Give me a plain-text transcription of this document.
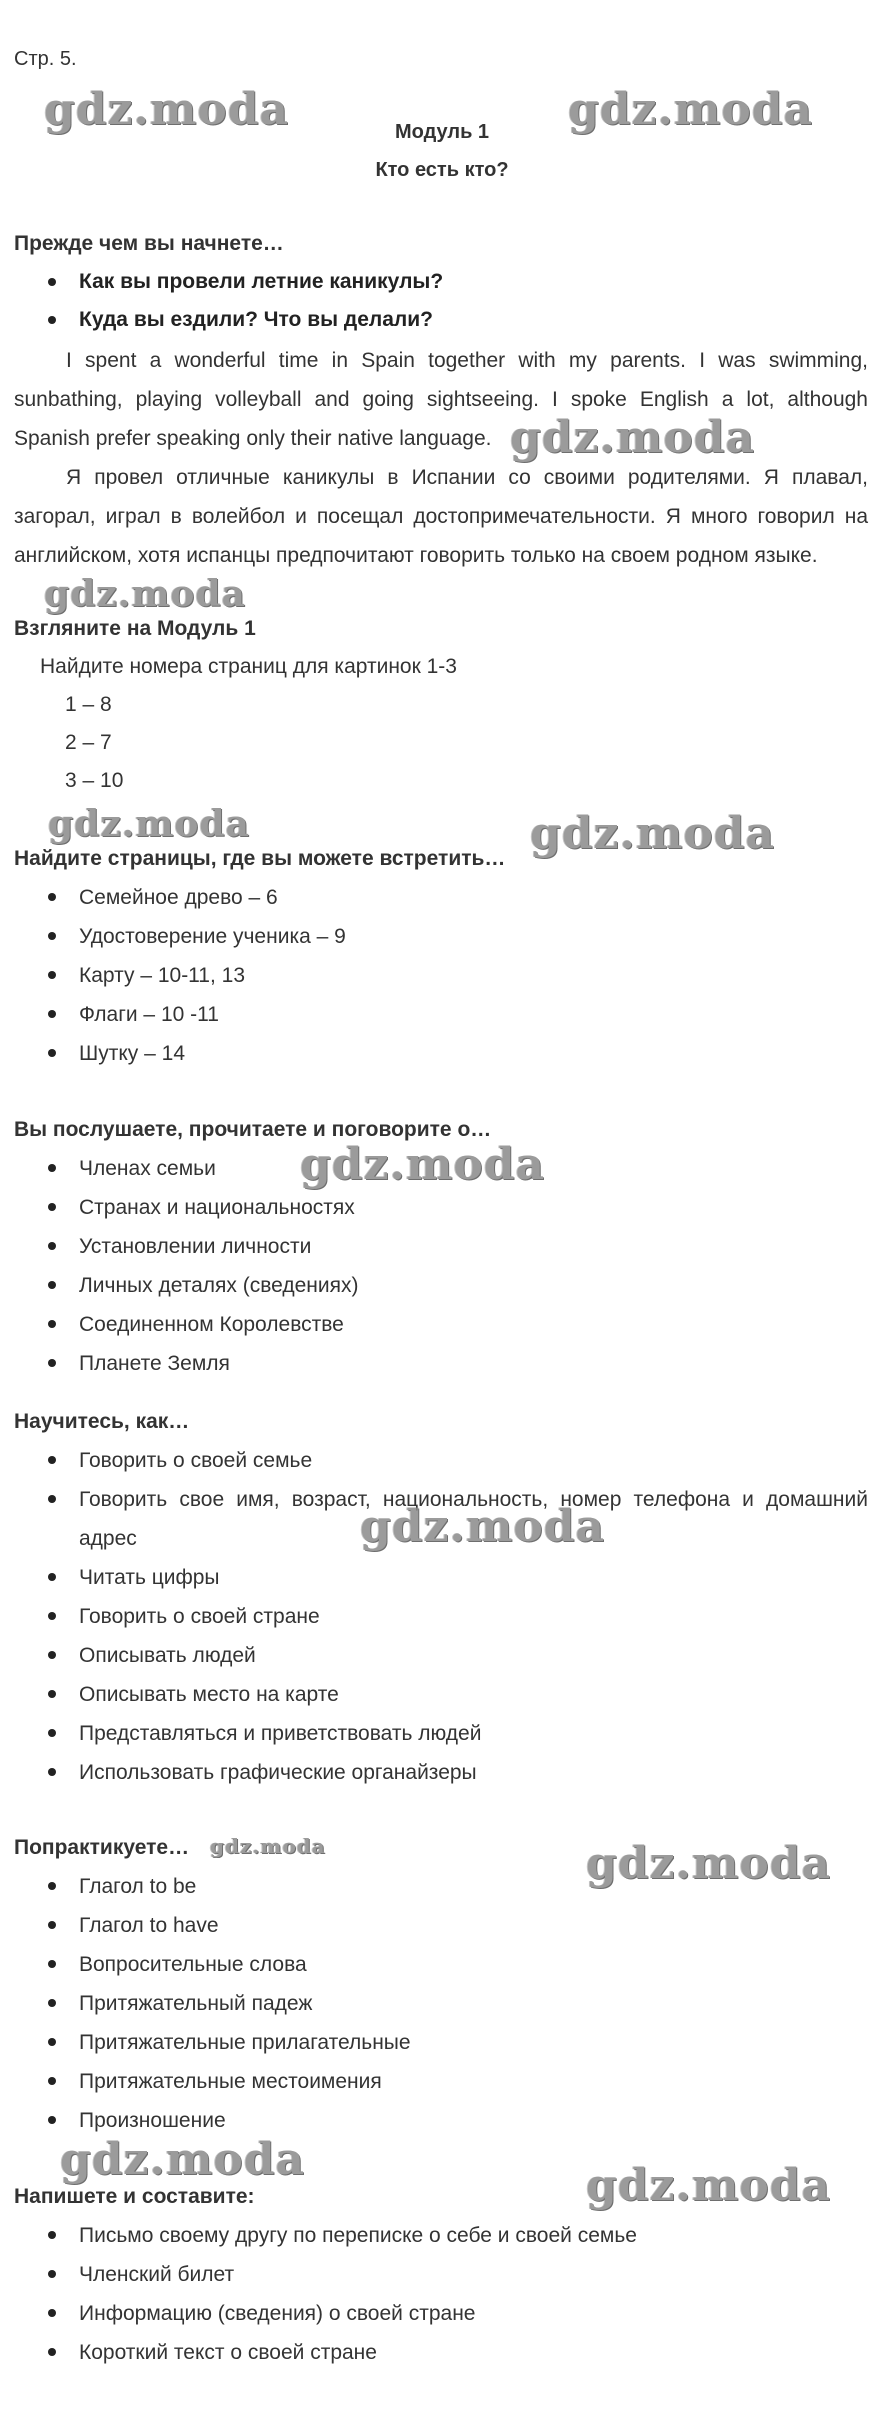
Стр. 5.
Модуль 1
Кто есть кто?
Прежде чем вы начнете…
Как вы провели летние каникулы?
Куда вы ездили? Что вы делали?
I spent a wonderful time in Spain together with my parents. I was swimming, sunbathing, playing volleyball and going sightseeing. I spoke English a lot, although Spanish prefer speaking only their native language.
Я провел отличные каникулы в Испании со своими родителями. Я плавал, загорал, играл в волейбол и посещал достопримечательности. Я много говорил на английском, хотя испанцы предпочитают говорить только на своем родном языке.
Взгляните на Модуль 1
Найдите номера страниц для картинок 1-3
1 – 8
2 – 7
3 – 10
Найдите страницы, где вы можете встретить…
Семейное древо – 6
Удостоверение ученика – 9
Карту – 10-11, 13
Флаги – 10 -11
Шутку – 14
Вы послушаете, прочитаете и поговорите о…
Членах семьи
Странах и национальностях
Установлении личности
Личных деталях (сведениях)
Соединенном Королевстве
Планете Земля
Научитесь, как…
Говорить о своей семье
Говорить свое имя, возраст, национальность, номер телефона и домашний адрес
Читать цифры
Говорить о своей стране
Описывать людей
Описывать место на карте
Представляться и приветствовать людей
Использовать графические органайзеры
Попрактикуете…
Глагол to be
Глагол to have
Вопросительные слова
Притяжательный падеж
Притяжательные прилагательные
Притяжательные местоимения
Произношение
Напишете и составите:
Письмо своему другу по переписке о себе и своей семье
Членский билет
Информацию (сведения) о своей стране
Короткий текст о своей стране
gdz.moda	gdz.moda
gdz.moda
gdz.moda
gdz.moda	gdz.moda
gdz.moda
gdz.moda
gdz.moda	gdz.moda
gdz.moda
gdz.moda
